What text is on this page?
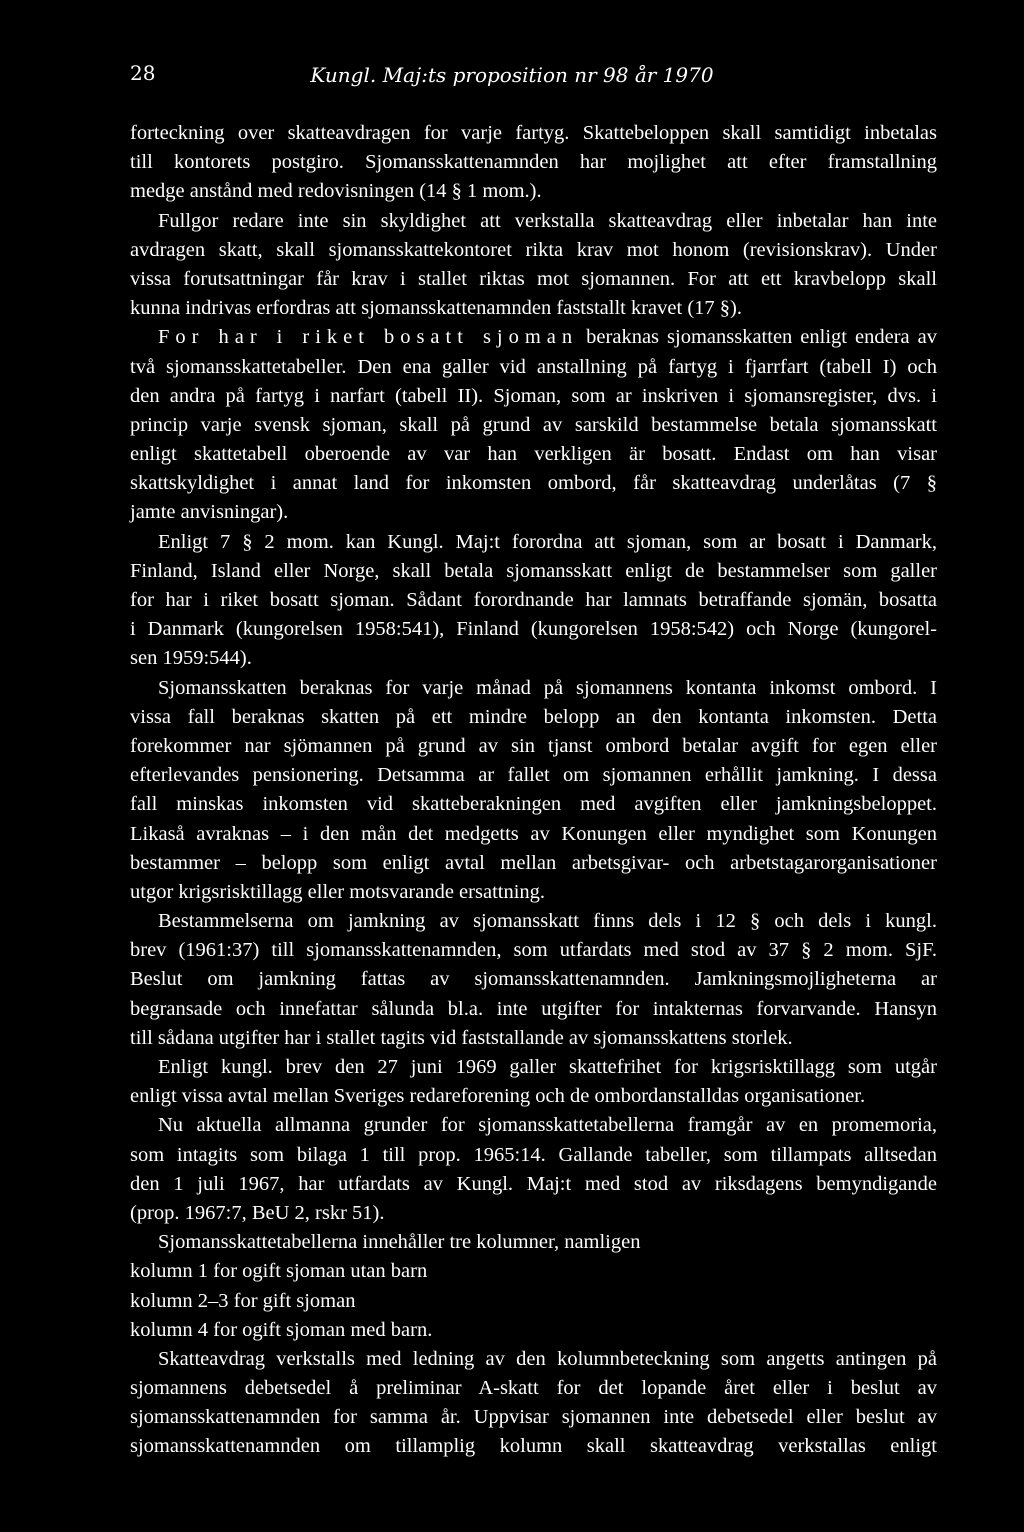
28	Kungl. Maj:ts proposition nr 98 år 1970
forteckning over skatteavdragen for varje fartyg. Skattebeloppen skall samtidigt inbetalas
till kontorets postgiro. Sjomansskattenamnden har mojlighet att efter framstallning
medge anstånd med redovisningen (14 § 1 mom.).
Fullgor redare inte sin skyldighet att verkstalla skatteavdrag eller inbetalar han inte
avdragen skatt, skall sjomansskattekontoret rikta krav mot honom (revisionskrav). Under
vissa forutsattningar får krav i stallet riktas mot sjomannen. For att ett kravbelopp skall
kunna indrivas erfordras att sjomansskattenamnden faststallt kravet (17 §).
For har i riket bosatt sjoman beraknas sjomansskatten enligt endera av
två sjomansskattetabeller. Den ena galler vid anstallning på fartyg i fjarrfart (tabell I) och
den andra på fartyg i narfart (tabell II). Sjoman, som ar inskriven i sjomansregister, dvs. i
princip varje svensk sjoman, skall på grund av sarskild bestammelse betala sjomansskatt
enligt skattetabell oberoende av var han verkligen är bosatt. Endast om han visar
skattskyldighet i annat land for inkomsten ombord, får skatteavdrag underlåtas (7 §
jamte anvisningar).
Enligt 7 § 2 mom. kan Kungl. Maj:t forordna att sjoman, som ar bosatt i Danmark,
Finland, Island eller Norge, skall betala sjomansskatt enligt de bestammelser som galler
for har i riket bosatt sjoman. Sådant forordnande har lamnats betraffande sjomän, bosatta
i Danmark (kungorelsen 1958:541), Finland (kungorelsen 1958:542) och Norge (kungorel-
sen 1959:544).
Sjomansskatten beraknas for varje månad på sjomannens kontanta inkomst ombord. I
vissa fall beraknas skatten på ett mindre belopp an den kontanta inkomsten. Detta
forekommer nar sjömannen på grund av sin tjanst ombord betalar avgift for egen eller
efterlevandes pensionering. Detsamma ar fallet om sjomannen erhållit jamkning. I dessa
fall minskas inkomsten vid skatteberakningen med avgiften eller jamkningsbeloppet.
Likaså avraknas – i den mån det medgetts av Konungen eller myndighet som Konungen
bestammer – belopp som enligt avtal mellan arbetsgivar- och arbetstagarorganisationer
utgor krigsrisktillagg eller motsvarande ersattning.
Bestammelserna om jamkning av sjomansskatt finns dels i 12 § och dels i kungl.
brev (1961:37) till sjomansskattenamnden, som utfardats med stod av 37 § 2 mom. SjF.
Beslut om jamkning fattas av sjomansskattenamnden. Jamkningsmojligheterna ar
begransade och innefattar sålunda bl.a. inte utgifter for intakternas forvarvande. Hansyn
till sådana utgifter har i stallet tagits vid faststallande av sjomansskattens storlek.
Enligt kungl. brev den 27 juni 1969 galler skattefrihet for krigsrisktillagg som utgår
enligt vissa avtal mellan Sveriges redareforening och de ombordanstalldas organisationer.
Nu aktuella allmanna grunder for sjomansskattetabellerna framgår av en promemoria,
som intagits som bilaga 1 till prop. 1965:14. Gallande tabeller, som tillampats alltsedan
den 1 juli 1967, har utfardats av Kungl. Maj:t med stod av riksdagens bemyndigande
(prop. 1967:7, BeU 2, rskr 51).
Sjomansskattetabellerna innehåller tre kolumner, namligen
kolumn 1 for ogift sjoman utan barn
kolumn 2–3 for gift sjoman
kolumn 4 for ogift sjoman med barn.
Skatteavdrag verkstalls med ledning av den kolumnbeteckning som angetts antingen på
sjomannens debetsedel å preliminar A-skatt for det lopande året eller i beslut av
sjomansskattenamnden for samma år. Uppvisar sjomannen inte debetsedel eller beslut av
sjomansskattenamnden om tillamplig kolumn skall skatteavdrag verkstallas enligt
